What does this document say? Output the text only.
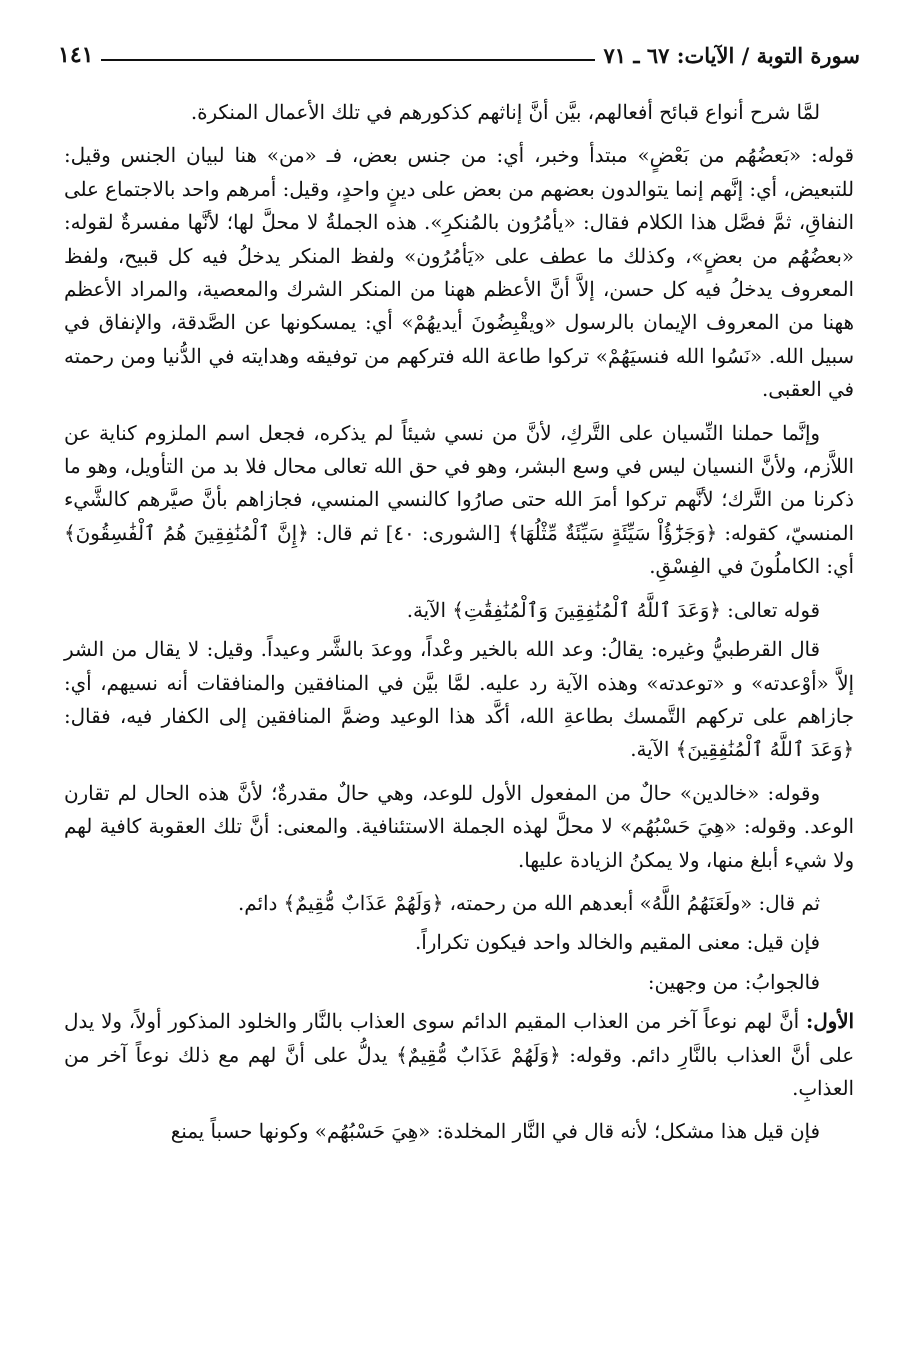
سورة التوبة / الآيات: ٦٧ ـ ٧١
١٤١

لمَّا شرح أنواع قبائح أفعالهم، بيَّن أنَّ إناثهم كذكورهم في تلك الأعمال المنكرة.

قوله: «بَعضُهُم من بَعْضٍ» مبتدأ وخبر، أي: من جنس بعض، فـ «من» هنا لبيان الجنس وقيل: للتبعيض، أي: إنَّهم إنما يتوالدون بعضهم من بعض على دينٍ واحدٍ، وقيل: أمرهم واحد بالاجتماع على النفاقِ، ثمَّ فصَّل هذا الكلام فقال: «يأمُرُون بالمُنكرِ». هذه الجملةُ لا محلَّ لها؛ لأنَّها مفسرةٌ لقوله: «بعضُهُم من بعضٍ»، وكذلك ما عطف على «يَأمُرُون» ولفظ المنكر يدخلُ فيه كل قبيح، ولفظ المعروف يدخلُ فيه كل حسن، إلاَّ أنَّ الأعظم ههنا من المنكر الشرك والمعصية، والمراد الأعظم ههنا من المعروف الإيمان بالرسول «ويقْبِضُونَ أيديهُمْ» أي: يمسكونها عن الصَّدقة، والإنفاق في سبيل الله. «نَسُوا الله فنسيَهُمْ» تركوا طاعة الله فتركهم من توفيقه وهدايته في الدُّنيا ومن رحمته في العقبى.

وإنَّما حملنا النِّسيان على التَّركِ، لأنَّ من نسي شيئاً لم يذكره، فجعل اسم الملزوم كناية عن اللاَّزم، ولأنَّ النسيان ليس في وسع البشر، وهو في حق الله تعالى محال فلا بد من التأويل، وهو ما ذكرنا من التَّرك؛ لأنَّهم تركوا أمرَ الله حتى صارُوا كالنسي المنسي، فجازاهم بأنَّ صيَّرهم كالشَّيء المنسيّ، كقوله: ﴿وَجَزَٰٓؤُاْ سَيِّئَةٍ سَيِّئَةٌ مِّثْلُهَا﴾ [الشورى: ٤٠] ثم قال: ﴿إِنَّ ٱلْمُنَٰفِقِينَ هُمُ ٱلْفَٰسِقُونَ﴾ أي: الكاملُونَ في الفِسْقِ.

قوله تعالى: ﴿وَعَدَ ٱللَّهُ ٱلْمُنَٰفِقِينَ وَٱلْمُنَٰفِقَٰتِ﴾ الآية.

قال القرطبيُّ وغيره: يقالُ: وعد الله بالخير وعْداً، ووعدَ بالشَّر وعيداً. وقيل: لا يقال من الشر إلاَّ «أوْعدته» و «توعدته» وهذه الآية رد عليه. لمَّا بيَّن في المنافقين والمنافقات أنه نسيهم، أي: جازاهم على تركهم التَّمسك بطاعةِ الله، أكَّد هذا الوعيد وضمَّ المنافقين إلى الكفار فيه، فقال: ﴿وَعَدَ ٱللَّهُ ٱلْمُنَٰفِقِينَ﴾ الآية.

وقوله: «خالدين» حالٌ من المفعول الأول للوعد، وهي حالٌ مقدرةٌ؛ لأنَّ هذه الحال لم تقارن الوعد. وقوله: «هِيَ حَسْبُهُم» لا محلَّ لهذه الجملة الاستئنافية. والمعنى: أنَّ تلك العقوبة كافية لهم ولا شيء أبلغ منها، ولا يمكنُ الزيادة عليها.

ثم قال: «ولَعَنَهُمُ اللَّهُ» أبعدهم الله من رحمته، ﴿وَلَهُمْ عَذَابٌ مُّقِيمٌ﴾ دائم.

فإن قيل: معنى المقيم والخالد واحد فيكون تكراراً.

فالجوابُ: من وجهين:

الأول: أنَّ لهم نوعاً آخر من العذاب المقيم الدائم سوى العذاب بالنَّار والخلود المذكور أولاً، ولا يدل على أنَّ العذاب بالنَّارِ دائم. وقوله: ﴿وَلَهُمْ عَذَابٌ مُّقِيمٌ﴾ يدلُّ على أنَّ لهم مع ذلك نوعاً آخر من العذابِ.

فإن قيل هذا مشكل؛ لأنه قال في النَّار المخلدة: «هِيَ حَسْبُهُم» وكونها حسباً يمنع
